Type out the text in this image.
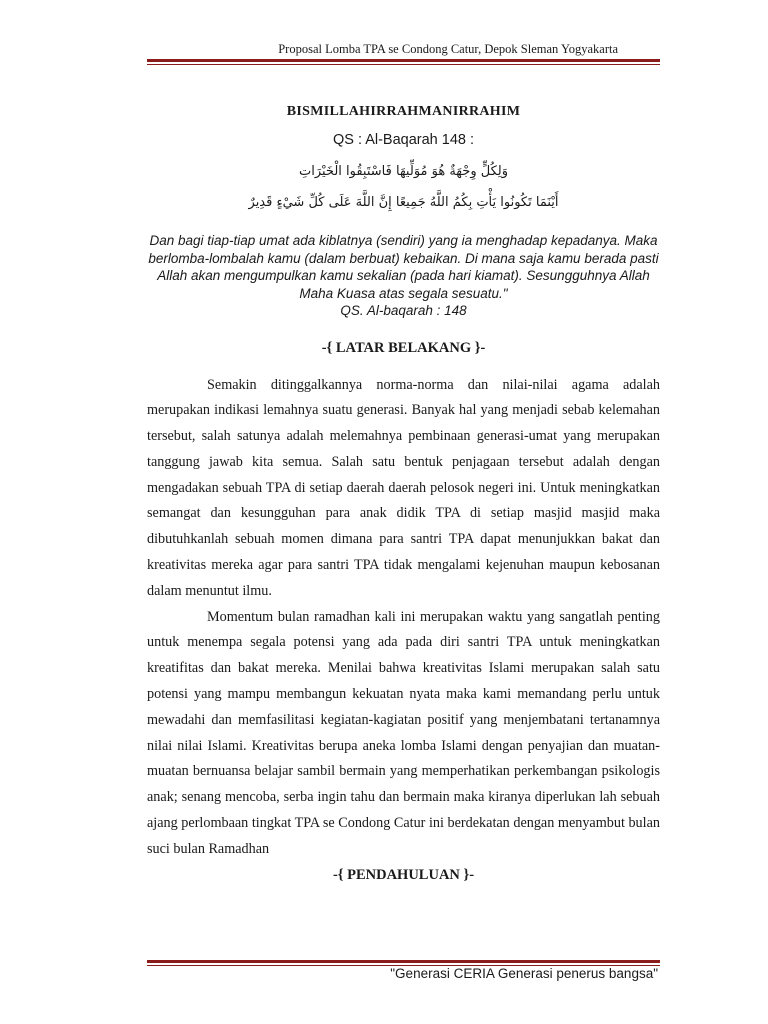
Proposal Lomba TPA se Condong Catur, Depok Sleman Yogyakarta
BISMILLAHIRRAHMANIRRAHIM
QS : Al-Baqarah 148 :
وَلِكُلٍّ وِجْهَةٌ هُوَ مُوَلِّيهَا فَاسْتَبِقُوا الْخَيْرَاتِ
أَيْنَمَا تَكُونُوا يَأْتِ بِكُمُ اللَّهُ جَمِيعًا إِنَّ اللَّهَ عَلَى كُلِّ شَيْءٍ قَدِيرٌ
Dan bagi tiap-tiap umat ada kiblatnya (sendiri) yang ia menghadap kepadanya. Maka berlomba-lombalah kamu (dalam berbuat) kebaikan. Di mana saja kamu berada pasti Allah akan mengumpulkan kamu sekalian (pada hari kiamat). Sesungguhnya Allah Maha Kuasa atas segala sesuatu."
QS. Al-baqarah : 148
-{ LATAR BELAKANG }-

Semakin ditinggalkannya norma-norma dan nilai-nilai agama adalah merupakan indikasi lemahnya suatu generasi. Banyak hal yang menjadi sebab kelemahan tersebut, salah satunya adalah melemahnya pembinaan generasi-umat yang merupakan tanggung jawab kita semua. Salah satu bentuk penjagaan tersebut adalah dengan mengadakan sebuah TPA di setiap daerah daerah pelosok negeri ini. Untuk meningkatkan semangat dan kesungguhan para anak didik TPA di setiap masjid masjid maka dibutuhkanlah sebuah momen dimana para santri TPA dapat menunjukkan bakat dan kreativitas mereka agar para santri TPA tidak mengalami kejenuhan maupun kebosanan dalam menuntut ilmu.

Momentum bulan ramadhan kali ini merupakan waktu yang sangatlah penting untuk menempa segala potensi yang ada pada diri santri TPA untuk meningkatkan kreatifitas dan bakat mereka. Menilai bahwa kreativitas Islami merupakan salah satu potensi yang mampu membangun kekuatan nyata maka kami memandang perlu untuk mewadahi dan memfasilitasi kegiatan-kagiatan positif yang menjembatani tertanamnya nilai nilai Islami. Kreativitas berupa aneka lomba Islami dengan penyajian dan muatan-muatan bernuansa belajar sambil bermain yang memperhatikan perkembangan psikologis anak; senang mencoba, serba ingin tahu dan bermain maka kiranya diperlukan lah sebuah ajang perlombaan tingkat TPA se Condong Catur ini berdekatan dengan menyambut bulan suci bulan Ramadhan

-{ PENDAHULUAN }-
"Generasi CERIA Generasi penerus bangsa"
